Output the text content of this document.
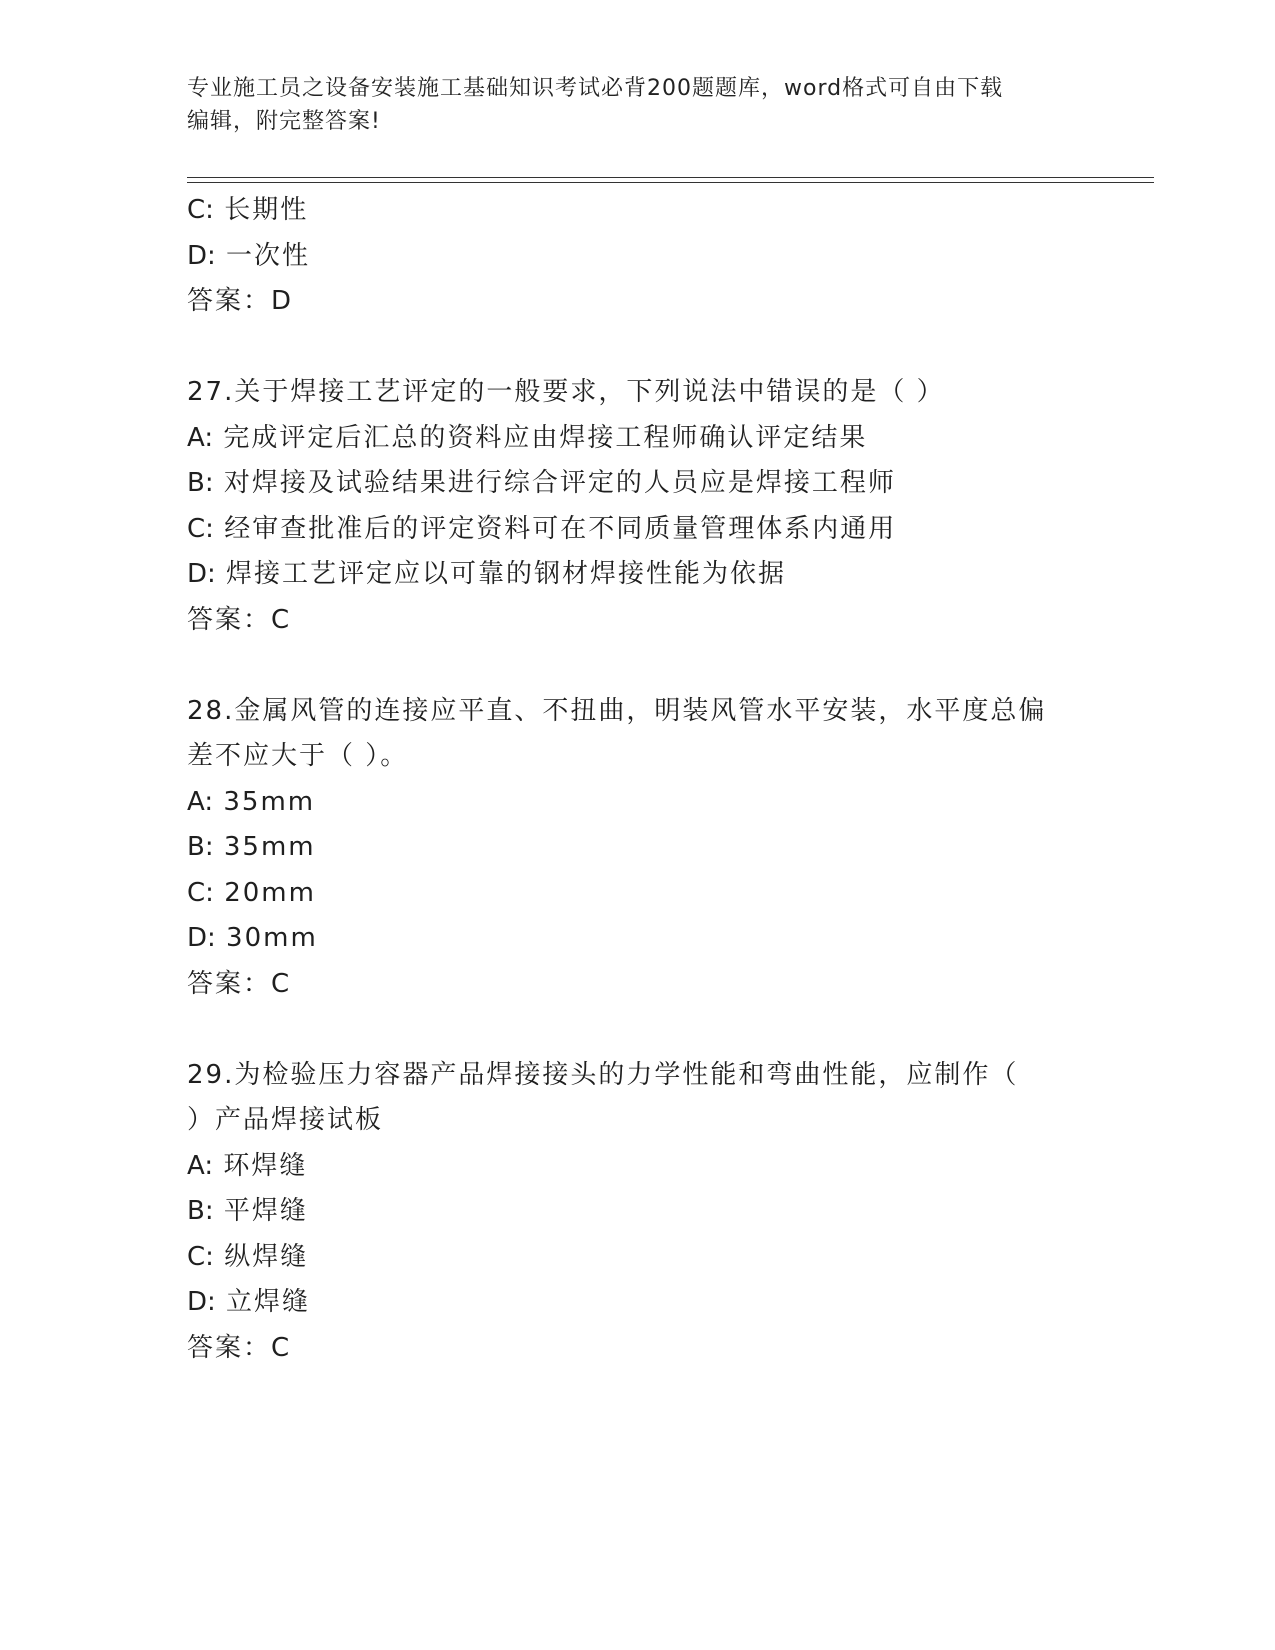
专业施工员之设备安装施工基础知识考试必背200题题库，word格式可自由下载
编辑，附完整答案!
C: 长期性
D: 一次性
答案：D
27.关于焊接工艺评定的一般要求，下列说法中错误的是（ ）
A: 完成评定后汇总的资料应由焊接工程师确认评定结果
B: 对焊接及试验结果进行综合评定的人员应是焊接工程师
C: 经审查批准后的评定资料可在不同质量管理体系内通用
D: 焊接工艺评定应以可靠的钢材焊接性能为依据
答案：C
28.金属风管的连接应平直、不扭曲，明装风管水平安装，水平度总偏
差不应大于（ ）。
A: 35mm
B: 35mm
C: 20mm
D: 30mm
答案：C
29.为检验压力容器产品焊接接头的力学性能和弯曲性能，应制作（
）产品焊接试板
A: 环焊缝
B: 平焊缝
C: 纵焊缝
D: 立焊缝
答案：C
